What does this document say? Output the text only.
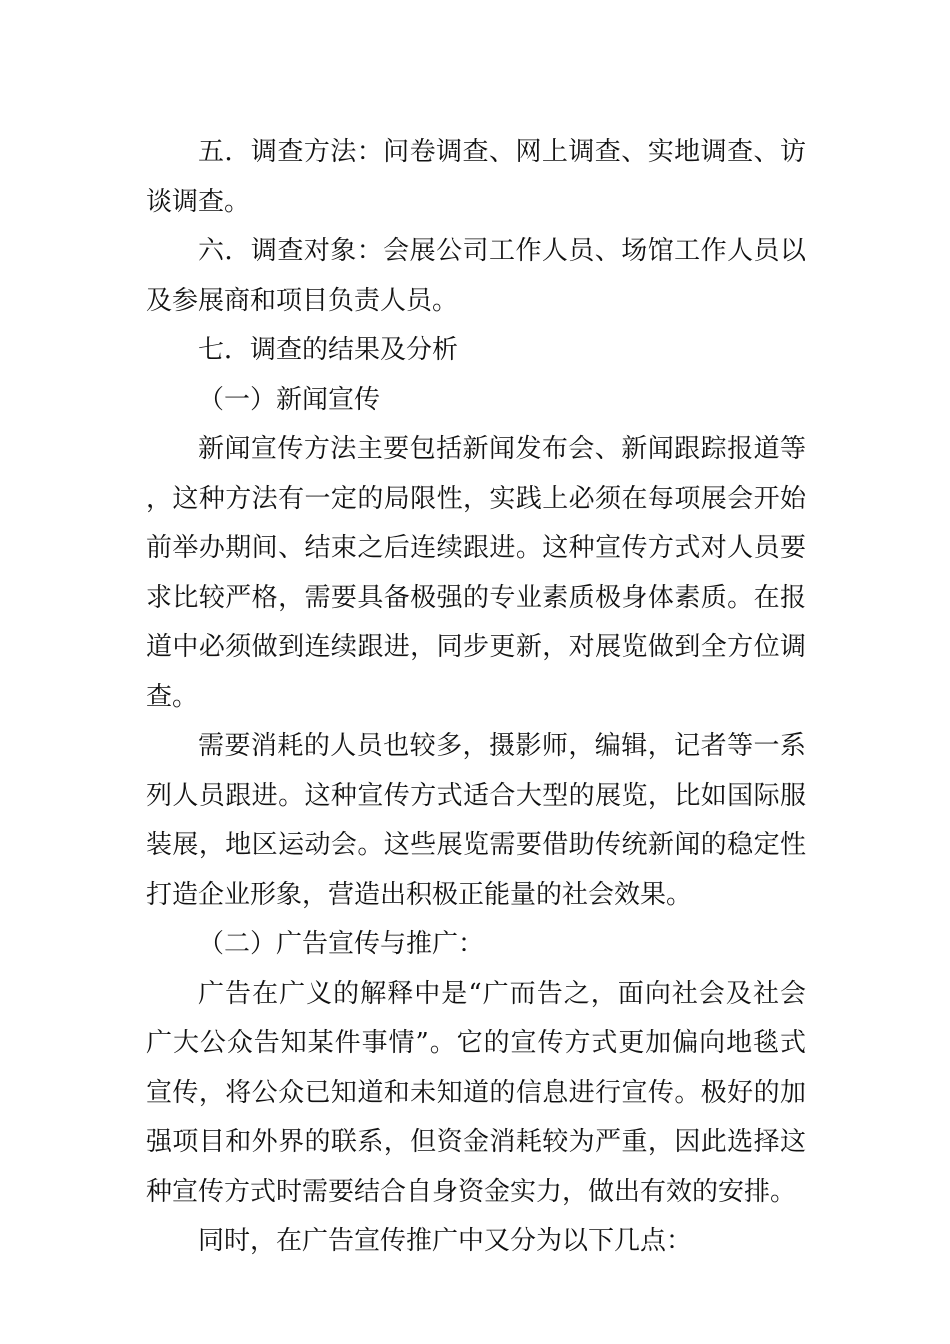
五．调查方法：问卷调查、网上调查、实地调查、访谈调查。

六．调查对象：会展公司工作人员、场馆工作人员以及参展商和项目负责人员。

七．调查的结果及分析

（一）新闻宣传

新闻宣传方法主要包括新闻发布会、新闻跟踪报道等，这种方法有一定的局限性，实践上必须在每项展会开始前举办期间、结束之后连续跟进。这种宣传方式对人员要求比较严格，需要具备极强的专业素质极身体素质。在报道中必须做到连续跟进，同步更新，对展览做到全方位调查。

需要消耗的人员也较多，摄影师，编辑，记者等一系列人员跟进。这种宣传方式适合大型的展览，比如国际服装展，地区运动会。这些展览需要借助传统新闻的稳定性打造企业形象，营造出积极正能量的社会效果。

（二）广告宣传与推广：

广告在广义的解释中是“广而告之，面向社会及社会广大公众告知某件事情”。它的宣传方式更加偏向地毯式宣传，将公众已知道和未知道的信息进行宣传。极好的加强项目和外界的联系，但资金消耗较为严重，因此选择这种宣传方式时需要结合自身资金实力，做出有效的安排。

同时，在广告宣传推广中又分为以下几点：
